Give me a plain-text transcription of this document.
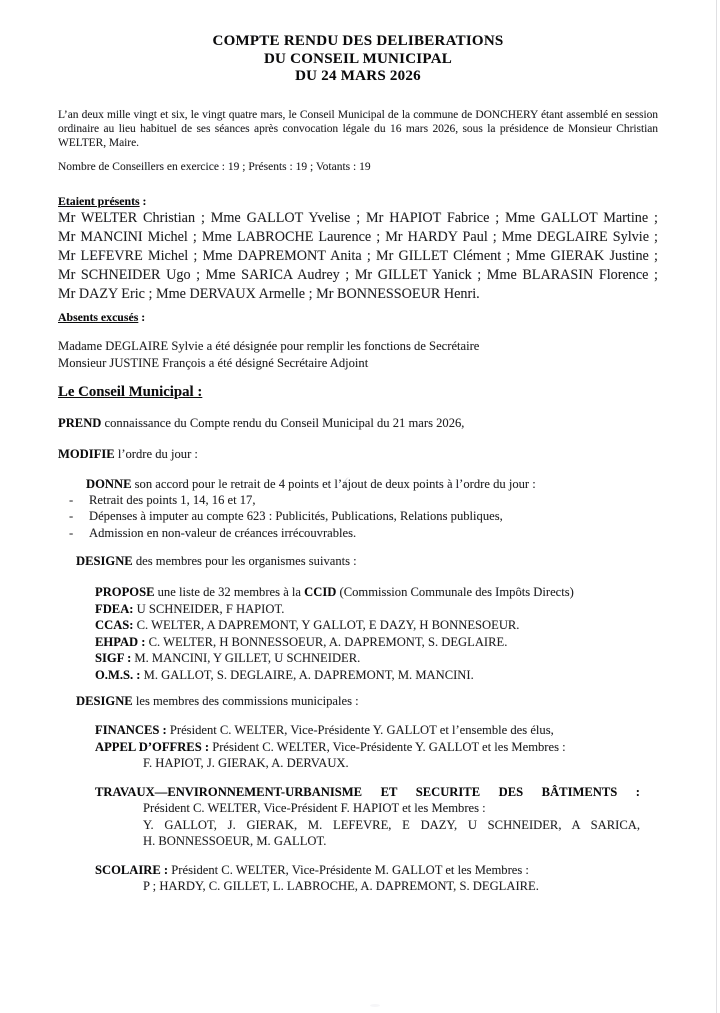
COMPTE RENDU DES DELIBERATIONS
DU CONSEIL MUNICIPAL
DU 24 MARS 2026

L’an deux mille vingt et six, le vingt quatre mars, le Conseil Municipal de la commune de DONCHERY étant assemblé en session ordinaire au lieu habituel de ses séances après convocation légale du 16 mars 2026, sous la présidence de Monsieur Christian WELTER, Maire.

Nombre de Conseillers en exercice : 19 ; Présents : 19 ; Votants : 19

Etaient présents :

Mr WELTER Christian ; Mme GALLOT Yvelise ; Mr HAPIOT Fabrice ; Mme GALLOT Martine ;
Mr MANCINI Michel ; Mme LABROCHE Laurence ; Mr HARDY Paul ; Mme DEGLAIRE Sylvie ;
Mr LEFEVRE Michel ; Mme DAPREMONT Anita ; Mr GILLET Clément ; Mme GIERAK Justine ;
Mr SCHNEIDER Ugo ; Mme SARICA Audrey ; Mr GILLET Yanick ; Mme BLARASIN Florence ;
Mr DAZY Eric ; Mme DERVAUX Armelle ; Mr BONNESSOEUR Henri.

Absents excusés :

Madame DEGLAIRE Sylvie a été désignée pour remplir les fonctions de Secrétaire
Monsieur JUSTINE François a été désigné Secrétaire Adjoint

Le Conseil Municipal :

PREND connaissance du Compte rendu du Conseil Municipal du 21 mars 2026,

MODIFIE l’ordre du jour :

DONNE son accord pour le retrait de 4 points et l’ajout de deux points à l’ordre du jour :

- Retrait des points 1, 14, 16 et 17,
- Dépenses à imputer au compte 623 : Publicités, Publications, Relations publiques,
- Admission en non-valeur de créances irrécouvrables.

DESIGNE des membres pour les organismes suivants :

PROPOSE une liste de 32 membres à la CCID (Commission Communale des Impôts Directs)

FDEA: U SCHNEIDER, F HAPIOT.
CCAS: C. WELTER, A DAPREMONT, Y GALLOT, E DAZY, H BONNESOEUR.
EHPAD : C. WELTER, H BONNESSOEUR, A. DAPREMONT, S. DEGLAIRE.
SIGF : M. MANCINI, Y GILLET, U SCHNEIDER.
O.M.S. : M. GALLOT, S. DEGLAIRE, A. DAPREMONT, M. MANCINI.

DESIGNE les membres des commissions municipales :

FINANCES : Président C. WELTER, Vice-Présidente Y. GALLOT et l’ensemble des élus,
APPEL D’OFFRES : Président C. WELTER, Vice-Présidente Y. GALLOT et les Membres :
F. HAPIOT, J. GIERAK, A. DERVAUX.
TRAVAUX—ENVIRONNEMENT-URBANISME ET SECURITE DES BÂTIMENTS :
Président C. WELTER, Vice-Président F. HAPIOT et les Membres :
Y. GALLOT, J. GIERAK, M. LEFEVRE, E DAZY, U SCHNEIDER, A SARICA,
H. BONNESSOEUR, M. GALLOT.
SCOLAIRE : Président C. WELTER, Vice-Présidente M. GALLOT et les Membres :
P ; HARDY, C. GILLET, L. LABROCHE, A. DAPREMONT, S. DEGLAIRE.
